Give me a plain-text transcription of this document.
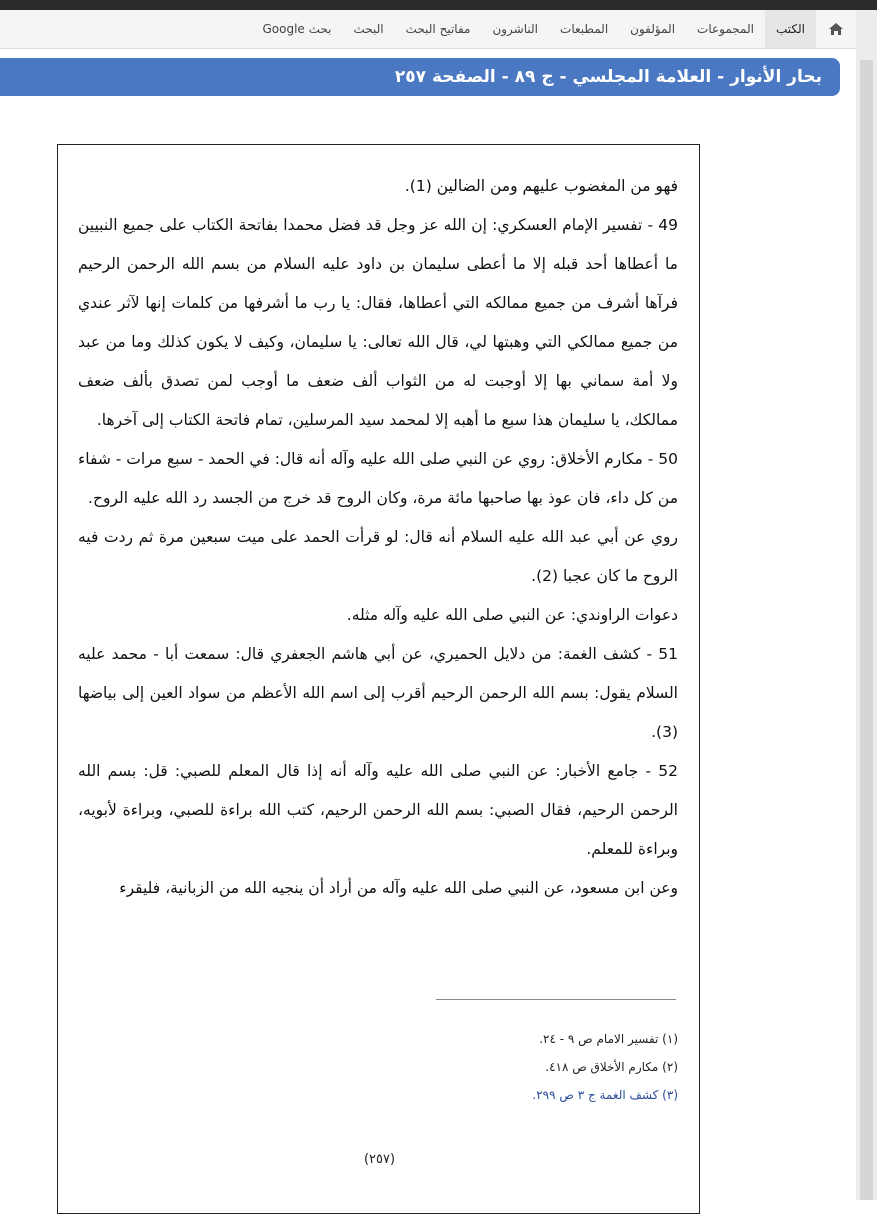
الكتب
المجموعات
المؤلفون
المطبعات
الناشرون
مفاتيح البحث
البحث
بحث Google
بحار الأنوار - العلامة المجلسي - ج ٨٩ - الصفحة ٢٥٧

فهو من المغضوب عليهم ومن الضالين (1).

49 - تفسير الإمام العسكري: إن الله عز وجل قد فضل محمدا بفاتحة الكتاب على جميع النبيين ما أعطاها أحد قبله إلا ما أعطى سليمان بن داود عليه السلام من بسم الله الرحمن الرحيم فرآها أشرف من جميع ممالكه التي أعطاها، فقال: يا رب ما أشرفها من كلمات إنها لآثر عندي من جميع ممالكي التي وهبتها لي، قال الله تعالى: يا سليمان، وكيف لا يكون كذلك وما من عبد ولا أمة سماني بها إلا أوجبت له من الثواب ألف ضعف ما أوجب لمن تصدق بألف ضعف ممالكك، يا سليمان هذا سبع ما أهبه إلا لمحمد سيد المرسلين، تمام فاتحة الكتاب إلى آخرها.

50 - مكارم الأخلاق: روي عن النبي صلى الله عليه وآله أنه قال: في الحمد - سبع مرات - شفاء من كل داء، فان عوذ بها صاحبها مائة مرة، وكان الروح قد خرج من الجسد رد الله عليه الروح.

روي عن أبي عبد الله عليه السلام أنه قال: لو قرأت الحمد على ميت سبعين مرة ثم ردت فيه الروح ما كان عجبا (2).

دعوات الراوندي: عن النبي صلى الله عليه وآله مثله.

51 - كشف الغمة: من دلايل الحميري، عن أبي هاشم الجعفري قال: سمعت أبا - محمد عليه السلام يقول: بسم الله الرحمن الرحيم أقرب إلى اسم الله الأعظم من سواد العين إلى بياضها (3).

52 - جامع الأخبار: عن النبي صلى الله عليه وآله أنه إذا قال المعلم للصبي: قل: بسم الله الرحمن الرحيم، فقال الصبي: بسم الله الرحمن الرحيم، كتب الله براءة للصبي، وبراءة لأبويه، وبراءة للمعلم.

وعن ابن مسعود، عن النبي صلى الله عليه وآله من أراد أن ينجيه الله من الزبانية، فليقرء

(١) تفسير الامام ص ٩ - ٢٤.

(٢) مكارم الأخلاق ص ٤١٨.

(٣) كشف الغمة ج ٣ ص ٢٩٩.

(٢٥٧)
